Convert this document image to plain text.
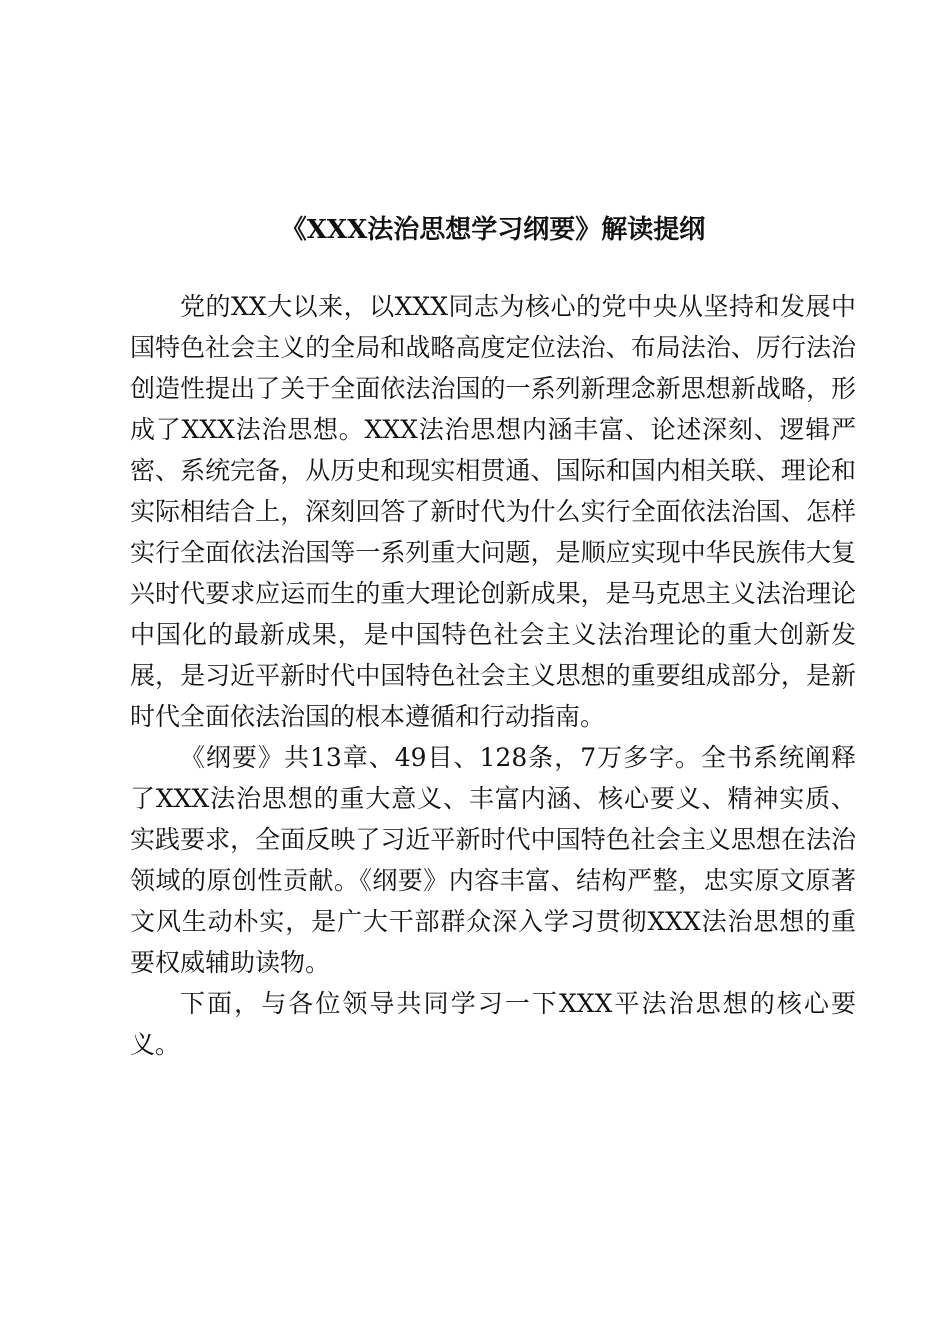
《XXX法治思想学习纲要》解读提纲

党的XX大以来，以XXX同志为核心的党中央从坚持和发展中国特色社会主义的全局和战略高度定位法治、布局法治、厉行法治创造性提出了关于全面依法治国的一系列新理念新思想新战略，形成了XXX法治思想。XXX法治思想内涵丰富、论述深刻、逻辑严密、系统完备，从历史和现实相贯通、国际和国内相关联、理论和实际相结合上，深刻回答了新时代为什么实行全面依法治国、怎样实行全面依法治国等一系列重大问题，是顺应实现中华民族伟大复兴时代要求应运而生的重大理论创新成果，是马克思主义法治理论中国化的最新成果，是中国特色社会主义法治理论的重大创新发展，是习近平新时代中国特色社会主义思想的重要组成部分，是新时代全面依法治国的根本遵循和行动指南。

《纲要》共13章、49目、128条，7万多字。全书系统阐释了XXX法治思想的重大意义、丰富内涵、核心要义、精神实质、实践要求，全面反映了习近平新时代中国特色社会主义思想在法治领域的原创性贡献。《纲要》内容丰富、结构严整，忠实原文原著文风生动朴实，是广大干部群众深入学习贯彻XXX法治思想的重要权威辅助读物。

下面，与各位领导共同学习一下XXX平法治思想的核心要义。
